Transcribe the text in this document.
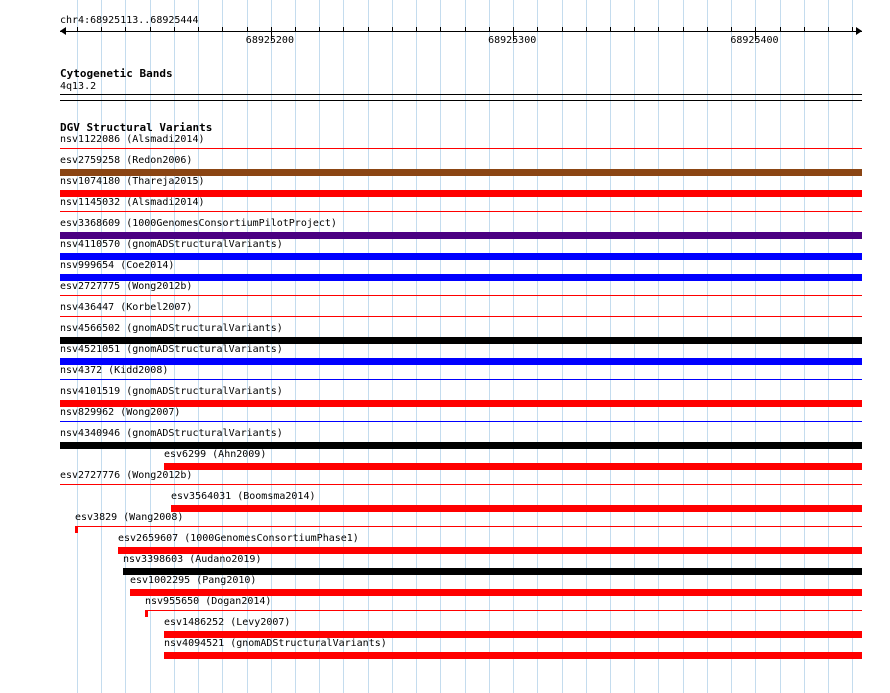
chr4:68925113..68925444
68925200	68925300	68925400
Cytogenetic Bands
4q13.2
DGV Structural Variants
nsv1122086 (Alsmadi2014)
esv2759258 (Redon2006)
nsv1074180 (Thareja2015)
nsv1145032 (Alsmadi2014)
esv3368609 (1000GenomesConsortiumPilotProject)
nsv4110570 (gnomADStructuralVariants)
nsv999654 (Coe2014)
esv2727775 (Wong2012b)
nsv436447 (Korbel2007)
nsv4566502 (gnomADStructuralVariants)
nsv4521051 (gnomADStructuralVariants)
nsv4372 (Kidd2008)
nsv4101519 (gnomADStructuralVariants)
nsv829962 (Wong2007)
nsv4340946 (gnomADStructuralVariants)
esv6299 (Ahn2009)
esv2727776 (Wong2012b)
esv3564031 (Boomsma2014)
esv3829 (Wang2008)
esv2659607 (1000GenomesConsortiumPhase1)
nsv3398603 (Audano2019)
esv1002295 (Pang2010)
nsv955650 (Dogan2014)
esv1486252 (Levy2007)
nsv4094521 (gnomADStructuralVariants)
